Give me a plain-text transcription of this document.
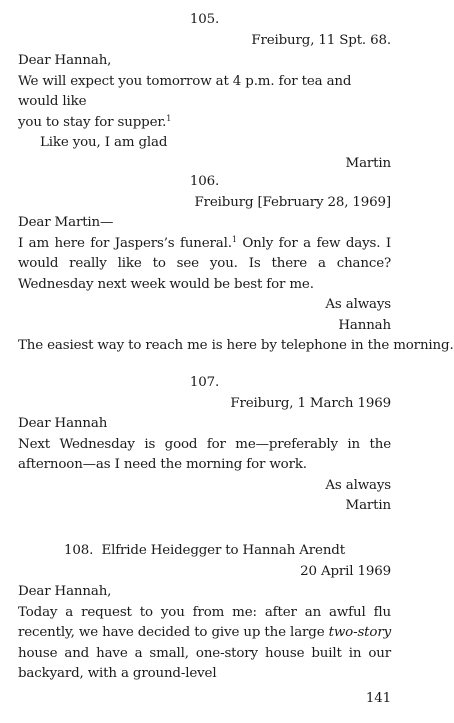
105.
Freiburg, 11 Spt. 68.
Dear Hannah,
We will expect you tomorrow at 4 p.m. for tea and would like
you to stay for supper.$^1$
Like you, I am glad
Martin
106.
Freiburg [February 28, 1969]
Dear Martin—
I am here for Jaspers’s funeral.$^1$ Only for a few days. I would really like to see you. Is there a chance? Wednesday next week would be best for me.
As always
Hannah
The easiest way to reach me is here by telephone in the morning.
107.
Freiburg, 1 March 1969
Dear Hannah
Next Wednesday is good for me—preferably in the afternoon—as I need the morning for work.
As always
Martin
108. Elfride Heidegger to Hannah Arendt
20 April 1969
Dear Hannah,
Today a request to you from me: after an awful flu recently, we have decided to give up the large two-story house and have a small, one-story house built in our backyard, with a ground-level
141
